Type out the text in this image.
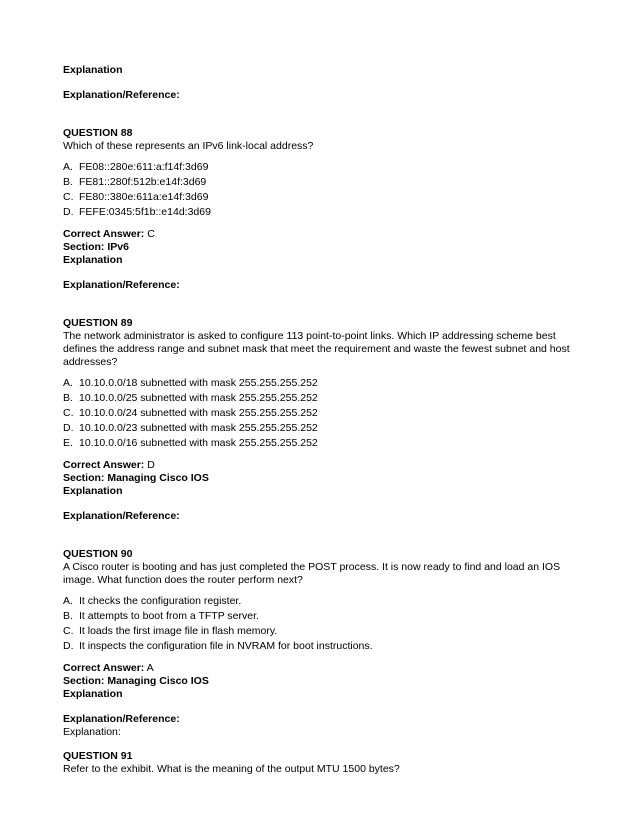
Explanation
Explanation/Reference:
QUESTION 88
Which of these represents an IPv6 link-local address?
A. FE08::280e:611:a:f14f:3d69
B. FE81::280f:512b:e14f:3d69
C. FE80::380e:611a:e14f:3d69
D. FEFE:0345:5f1b::e14d:3d69
Correct Answer: C
Section: IPv6
Explanation
Explanation/Reference:
QUESTION 89
The network administrator is asked to configure 113 point-to-point links. Which IP addressing scheme best
defines the address range and subnet mask that meet the requirement and waste the fewest subnet and host
addresses?
A. 10.10.0.0/18 subnetted with mask 255.255.255.252
B. 10.10.0.0/25 subnetted with mask 255.255.255.252
C. 10.10.0.0/24 subnetted with mask 255.255.255.252
D. 10.10.0.0/23 subnetted with mask 255.255.255.252
E. 10.10.0.0/16 subnetted with mask 255.255.255.252
Correct Answer: D
Section: Managing Cisco IOS
Explanation
Explanation/Reference:
QUESTION 90
A Cisco router is booting and has just completed the POST process. It is now ready to find and load an IOS
image. What function does the router perform next?
A. It checks the configuration register.
B. It attempts to boot from a TFTP server.
C. It loads the first image file in flash memory.
D. It inspects the configuration file in NVRAM for boot instructions.
Correct Answer: A
Section: Managing Cisco IOS
Explanation
Explanation/Reference:
Explanation:
QUESTION 91
Refer to the exhibit. What is the meaning of the output MTU 1500 bytes?
